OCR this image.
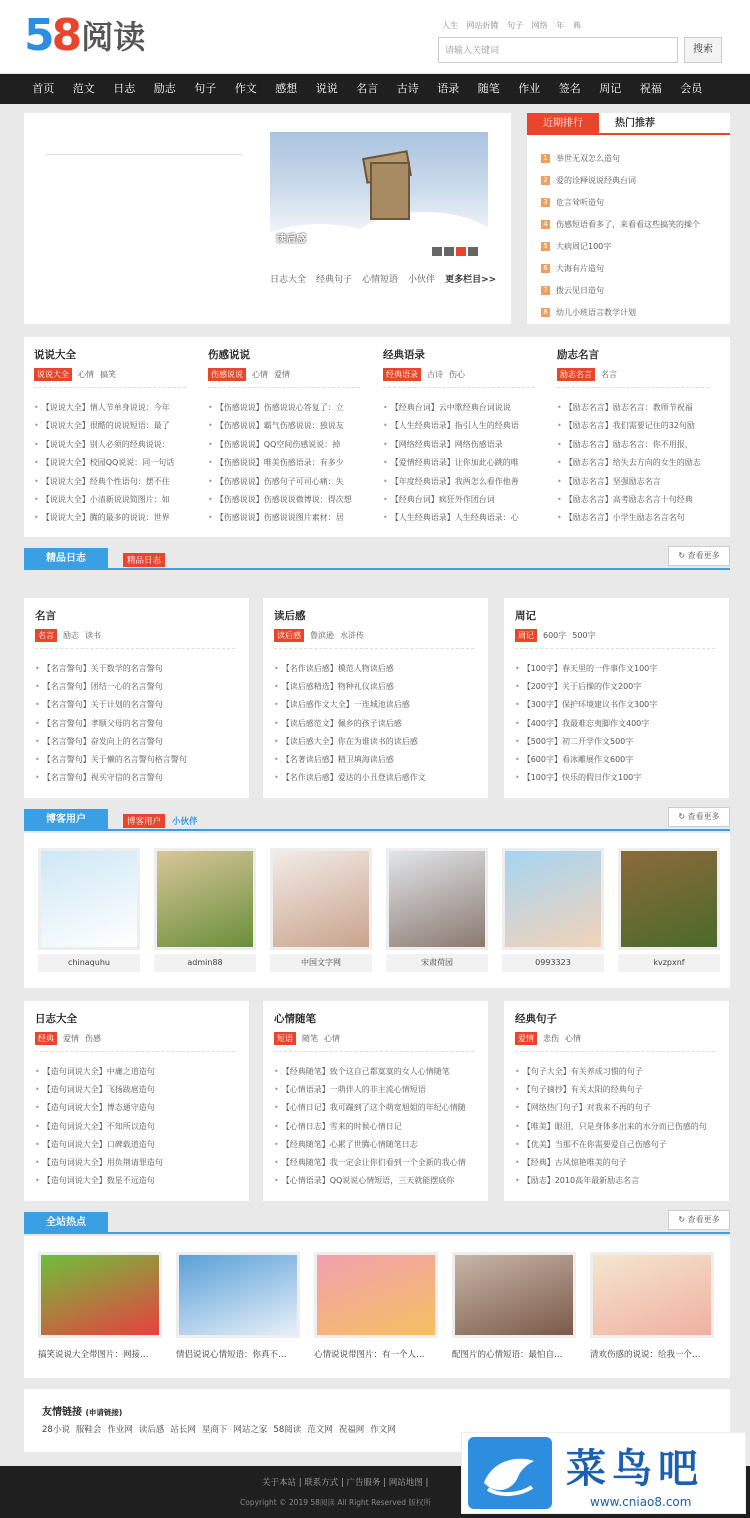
58 阅读	人生 网站折腾 句子 网络 年 典
请输入关键词	搜索
首页	范文	日志	励志	句子	作文	感想	说说	名言	古诗	语录	随笔	作业	签名	周记	祝福	会员
读后感
日志大全 经典句子 心情短语 小伙伴 更多栏目>>
近期排行	热门推荐
1 举世无双怎么造句
2 爱的诠释说说经典台词
3 危言耸听造句
4 伤感短语看多了，来看看这些搞笑的操个
5 大病周记100字
6 大海有片造句
7 拨云见日造句
8 幼儿小班语言教学计划
精品日志	精品日志
↻ 查看更多
博客用户	博客用户	小伙伴
↻ 查看更多
全站热点	↻ 查看更多
友情链接 (申请链接)
28小说 服鞋会 作业网 读后感 站长网 星商下 网站之家 58阅读 范文网 祝福网 作文网
关于本站 | 联系方式 | 广告服务 | 网站地图 |
Copyright © 2019 58阅读 All Right Reserved 版权所
菜鸟吧
www.cniao8.com
说说大全
说说大全	心情 搞笑
• 【说说大全】情人节单身说说：今年
• 【说说大全】很酷的说说短语：最了
• 【说说大全】别人必须的经典说说：
• 【说说大全】校园QQ说说：同一句话
• 【说说大全】经典个性语句：摆不住
• 【说说大全】小清新说说简图片：如
• 【说说大全】腾的最多的说说：世界
伤感说说
伤感说说	心情 爱情
• 【伤感说说】伤感说说心答复了：立
• 【伤感说说】霸气伤感说说：独说友
• 【伤感说说】QQ空间伤感说说：掉
• 【伤感说说】唯美伤感语录：有多少
• 【伤感说说】伤感句子可司心痛：失
• 【伤感说说】伤感说说微博说：得次想
• 【伤感说说】伤感说说图片素材：居
经典语录
经典语录	古诗 伤心
• 【经典台词】云中歌经典台词说说
• 【人生经典语录】指引人生的经典语
• 【网络经典语录】网络伤感语录
• 【爱情经典语录】让你加此心跳的唯
• 【年度经典语录】我两怎么看作他善
• 【经典台词】疯狂外作团台词
• 【人生经典语录】人生经典语录：心
励志名言
励志名言	名言
• 【励志名言】励志名言：教师节祝福
• 【励志名言】我们需要记住的32句励
• 【励志名言】励志名言：你不用报，
• 【励志名言】给失去方向的女生的励志
• 【励志名言】坚强励志名言
• 【励志名言】高考励志名言十句经典
• 【励志名言】小学生励志名言名句
名言
名言	励志 读书
• 【名言警句】关于数学的名言警句
• 【名言警句】团结一心的名言警句
• 【名言警句】关于计划的名言警句
• 【名言警句】孝顺父母的名言警句
• 【名言警句】奋发向上的名言警句
• 【名言警句】关于懒的名言警句格言警句
• 【名言警句】视买守信的名言警句
读后感
读后感	鲁滨逊 水浒传
• 【名作读后感】模范人物读后感
• 【读后感精选】物种礼仪读后感
• 【读后感作文大全】一连城池读后感
• 【读后感范文】佩乡的孩子读后感
• 【读后感大全】你在为谁读书的读后感
• 【名著读后感】精卫填海读后感
• 【名作读后感】爱达的小丑登读后感作文
周记
周记	600字 500字
• 【100字】春天里的一件事作文100字
• 【200字】关于后操的作文200字
• 【300字】保护环境建议书作文300字
• 【400字】我最难忘夷脚作文400字
• 【500字】初二开学作文500字
• 【600字】看冰雕展作文600字
• 【100字】快乐的假日作文100字
chinaquhu	admin88	中国文字网	宋肃荷园	0993323	kvzpxnf
日志大全
经典	爱情 伤感
• 【造句词说大全】中庸之道造句
• 【造句词说大全】飞扬跋扈造句
• 【造句词说大全】博态通守造句
• 【造句词说大全】不知所以造句
• 【造句词说大全】口碑载道造句
• 【造句词说大全】用负荆请罪造句
• 【造句词说大全】数星不远造句
心情随笔
短语	随笔 心情
• 【经典随笔】致个这自己都寞寞的女人心情随笔
• 【心情语录】一萌伴人的非主流心情短语
• 【心情日记】我可蹦到了这个萌宽旭姐的年纪心情随
• 【心情日志】雪来的时候心情日记
• 【经典随笔】心累了世腾心情随笔日志
• 【经典随笔】我一定会让你们看到一个全新的我心情
• 【心情语录】QQ说说心情短语，三天就能摆底你
经典句子
爱情	悲伤 心情
• 【句子大全】有关养成习惯的句子
• 【句子摘抄】有关太阳的经典句子
• 【网络热门句子】对我来不再的句子
• 【唯美】眼泪，只是身体多出来的水分而已伤感的句
• 【优美】当那不在你需要爱自己伤感句子
• 【经典】古风惊艳唯美的句子
• 【励志】2010高年最新励志名言
搞笑说说大全带图片：网接…	情侣说说心情短语：你真不…	心情说说带图片：有一个人…	配图片的心情短语：最怕自…	清欢伤感的说说：给我一个…
